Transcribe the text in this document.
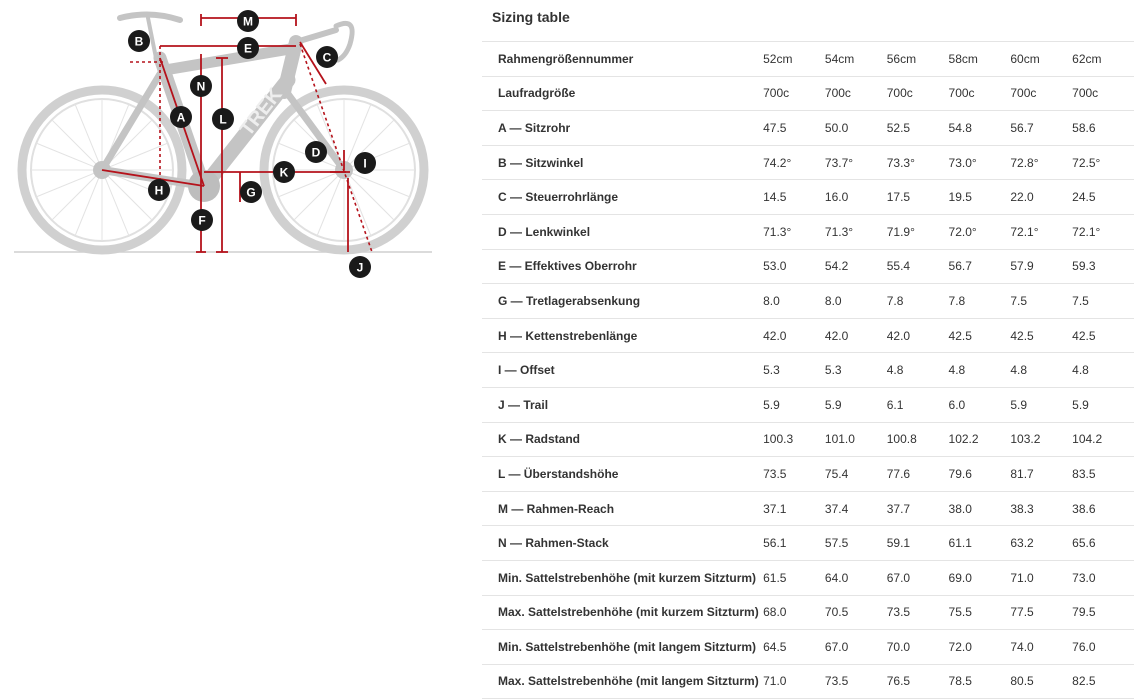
TREK
M
E
B
C
N
A	L
D
I
K
H	G
F
J
Sizing table
Rahmengrößennummer	52cm	54cm	56cm	58cm	60cm	62cm
Laufradgröße	700c	700c	700c	700c	700c	700c
A — Sitzrohr	47.5	50.0	52.5	54.8	56.7	58.6
B — Sitzwinkel	74.2°	73.7°	73.3°	73.0°	72.8°	72.5°
C — Steuerrohrlänge	14.5	16.0	17.5	19.5	22.0	24.5
D — Lenkwinkel	71.3°	71.3°	71.9°	72.0°	72.1°	72.1°
E — Effektives Oberrohr	53.0	54.2	55.4	56.7	57.9	59.3
G — Tretlagerabsenkung	8.0	8.0	7.8	7.8	7.5	7.5
H — Kettenstrebenlänge	42.0	42.0	42.0	42.5	42.5	42.5
I — Offset	5.3	5.3	4.8	4.8	4.8	4.8
J — Trail	5.9	5.9	6.1	6.0	5.9	5.9
K — Radstand	100.3	101.0	100.8	102.2	103.2	104.2
L — Überstandshöhe	73.5	75.4	77.6	79.6	81.7	83.5
M — Rahmen-Reach	37.1	37.4	37.7	38.0	38.3	38.6
N — Rahmen-Stack	56.1	57.5	59.1	61.1	63.2	65.6
Min. Sattelstrebenhöhe (mit kurzem Sitzturm)	61.5	64.0	67.0	69.0	71.0	73.0
Max. Sattelstrebenhöhe (mit kurzem Sitzturm)	68.0	70.5	73.5	75.5	77.5	79.5
Min. Sattelstrebenhöhe (mit langem Sitzturm)	64.5	67.0	70.0	72.0	74.0	76.0
Max. Sattelstrebenhöhe (mit langem Sitzturm)	71.0	73.5	76.5	78.5	80.5	82.5
